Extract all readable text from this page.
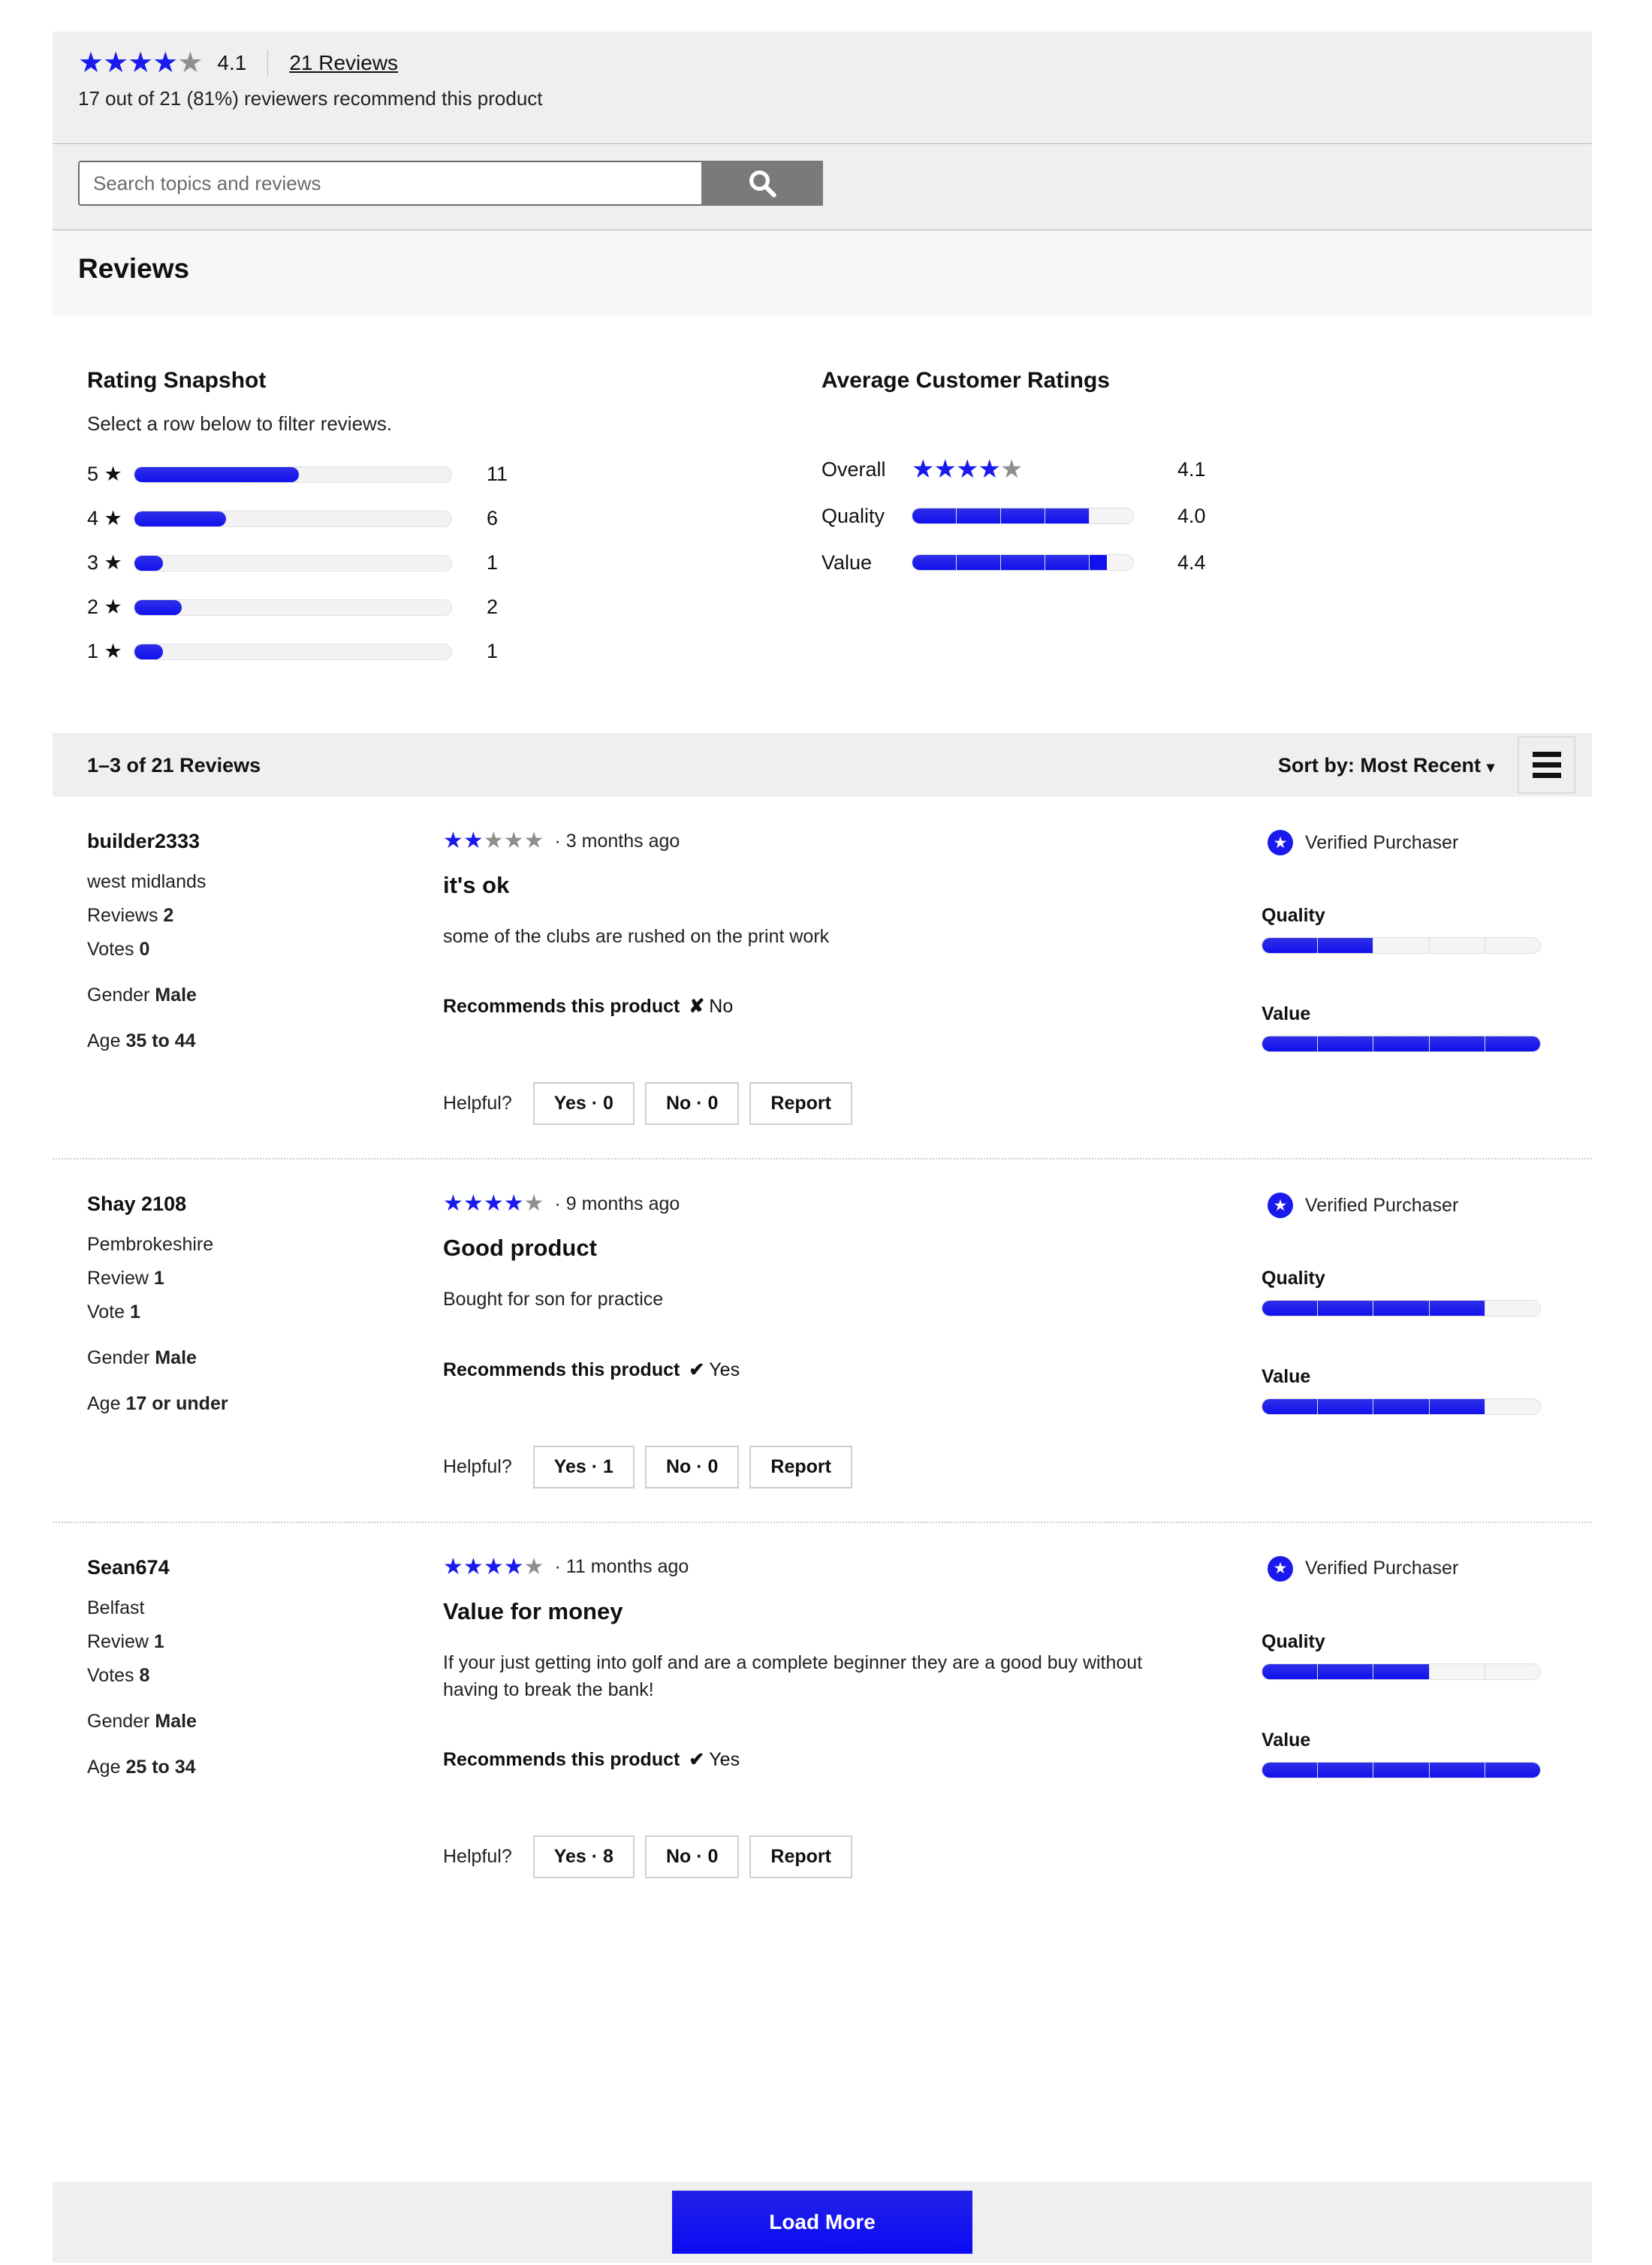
★ ★ ★ ★ ★ 4.1 21 Reviews
17 out of 21 (81%) reviewers recommend this product
Search topics and reviews
Reviews
Rating Snapshot
Select a row below to filter reviews.
5 ★	11
4 ★	6
3 ★	1
2 ★	2
1 ★	1
Average Customer Ratings
Overall	★ ★ ★ ★ ★	4.1
Quality	4.0
Value	4.4
1–3 of 21 Reviews	Sort by: Most Recent ▾
builder2333
west midlands
Reviews 2
Votes 0
Gender Male
Age 35 to 44
★ ★ ★ ★ ★ · 3 months ago
it's ok
some of the clubs are rushed on the print work
Recommends this product ✘ No
Helpful?	Yes · 0	No · 0	Report
★ Verified Purchaser
Quality
Value
Shay 2108
Pembrokeshire
Review 1
Vote 1
Gender Male
Age 17 or under
★ ★ ★ ★ ★ · 9 months ago
Good product
Bought for son for practice
Recommends this product ✔ Yes
Helpful?	Yes · 1	No · 0	Report
★ Verified Purchaser
Quality
Value
Sean674
Belfast
Review 1
Votes 8
Gender Male
Age 25 to 34
★ ★ ★ ★ ★ · 11 months ago
Value for money
If your just getting into golf and are a complete beginner they are a good buy without having to break the bank!
Recommends this product ✔ Yes
Helpful?	Yes · 8	No · 0	Report
★ Verified Purchaser
Quality
Value
Load More
